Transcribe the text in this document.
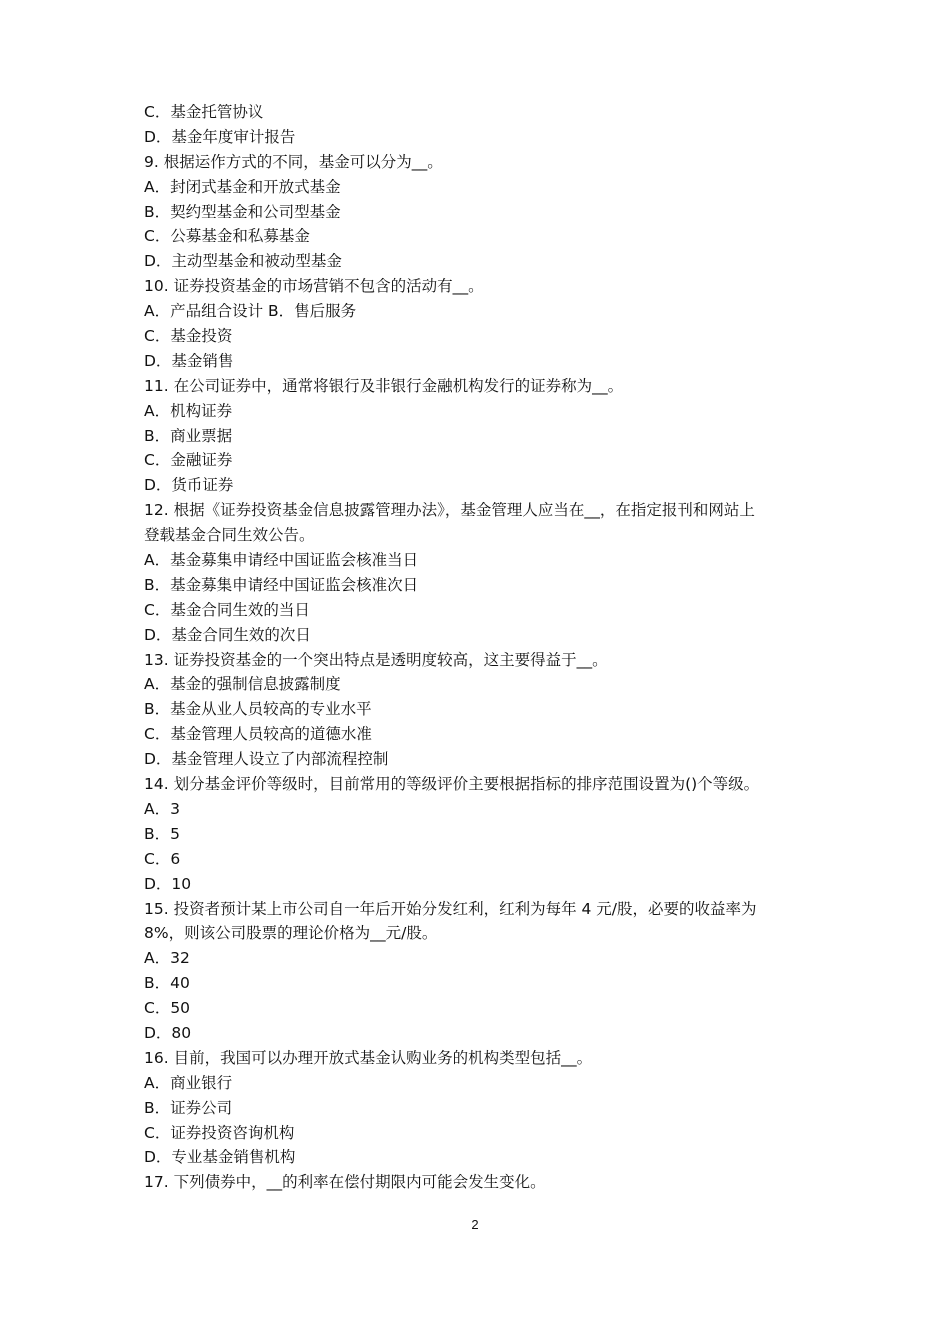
C．基金托管协议
D．基金年度审计报告
9. 根据运作方式的不同，基金可以分为__。
A．封闭式基金和开放式基金
B．契约型基金和公司型基金
C．公募基金和私募基金
D．主动型基金和被动型基金
10. 证券投资基金的市场营销不包含的活动有__。
A．产品组合设计 B．售后服务
C．基金投资
D．基金销售
11. 在公司证券中，通常将银行及非银行金融机构发行的证券称为__。
A．机构证券
B．商业票据
C．金融证券
D．货币证券
12. 根据《证券投资基金信息披露管理办法》，基金管理人应当在__，在指定报刊和网站上
登载基金合同生效公告。
A．基金募集申请经中国证监会核准当日
B．基金募集申请经中国证监会核准次日
C．基金合同生效的当日
D．基金合同生效的次日
13. 证券投资基金的一个突出特点是透明度较高，这主要得益于__。
A．基金的强制信息披露制度
B．基金从业人员较高的专业水平
C．基金管理人员较高的道德水准
D．基金管理人设立了内部流程控制
14. 划分基金评价等级时，目前常用的等级评价主要根据指标的排序范围设置为()个等级。
A．3
B．5
C．6
D．10
15. 投资者预计某上市公司自一年后开始分发红利，红利为每年 4 元/股，必要的收益率为
8%，则该公司股票的理论价格为__元/股。
A．32
B．40
C．50
D．80
16. 目前，我国可以办理开放式基金认购业务的机构类型包括__。
A．商业银行
B．证券公司
C．证券投资咨询机构
D．专业基金销售机构
17. 下列债券中，__的利率在偿付期限内可能会发生变化。
2
